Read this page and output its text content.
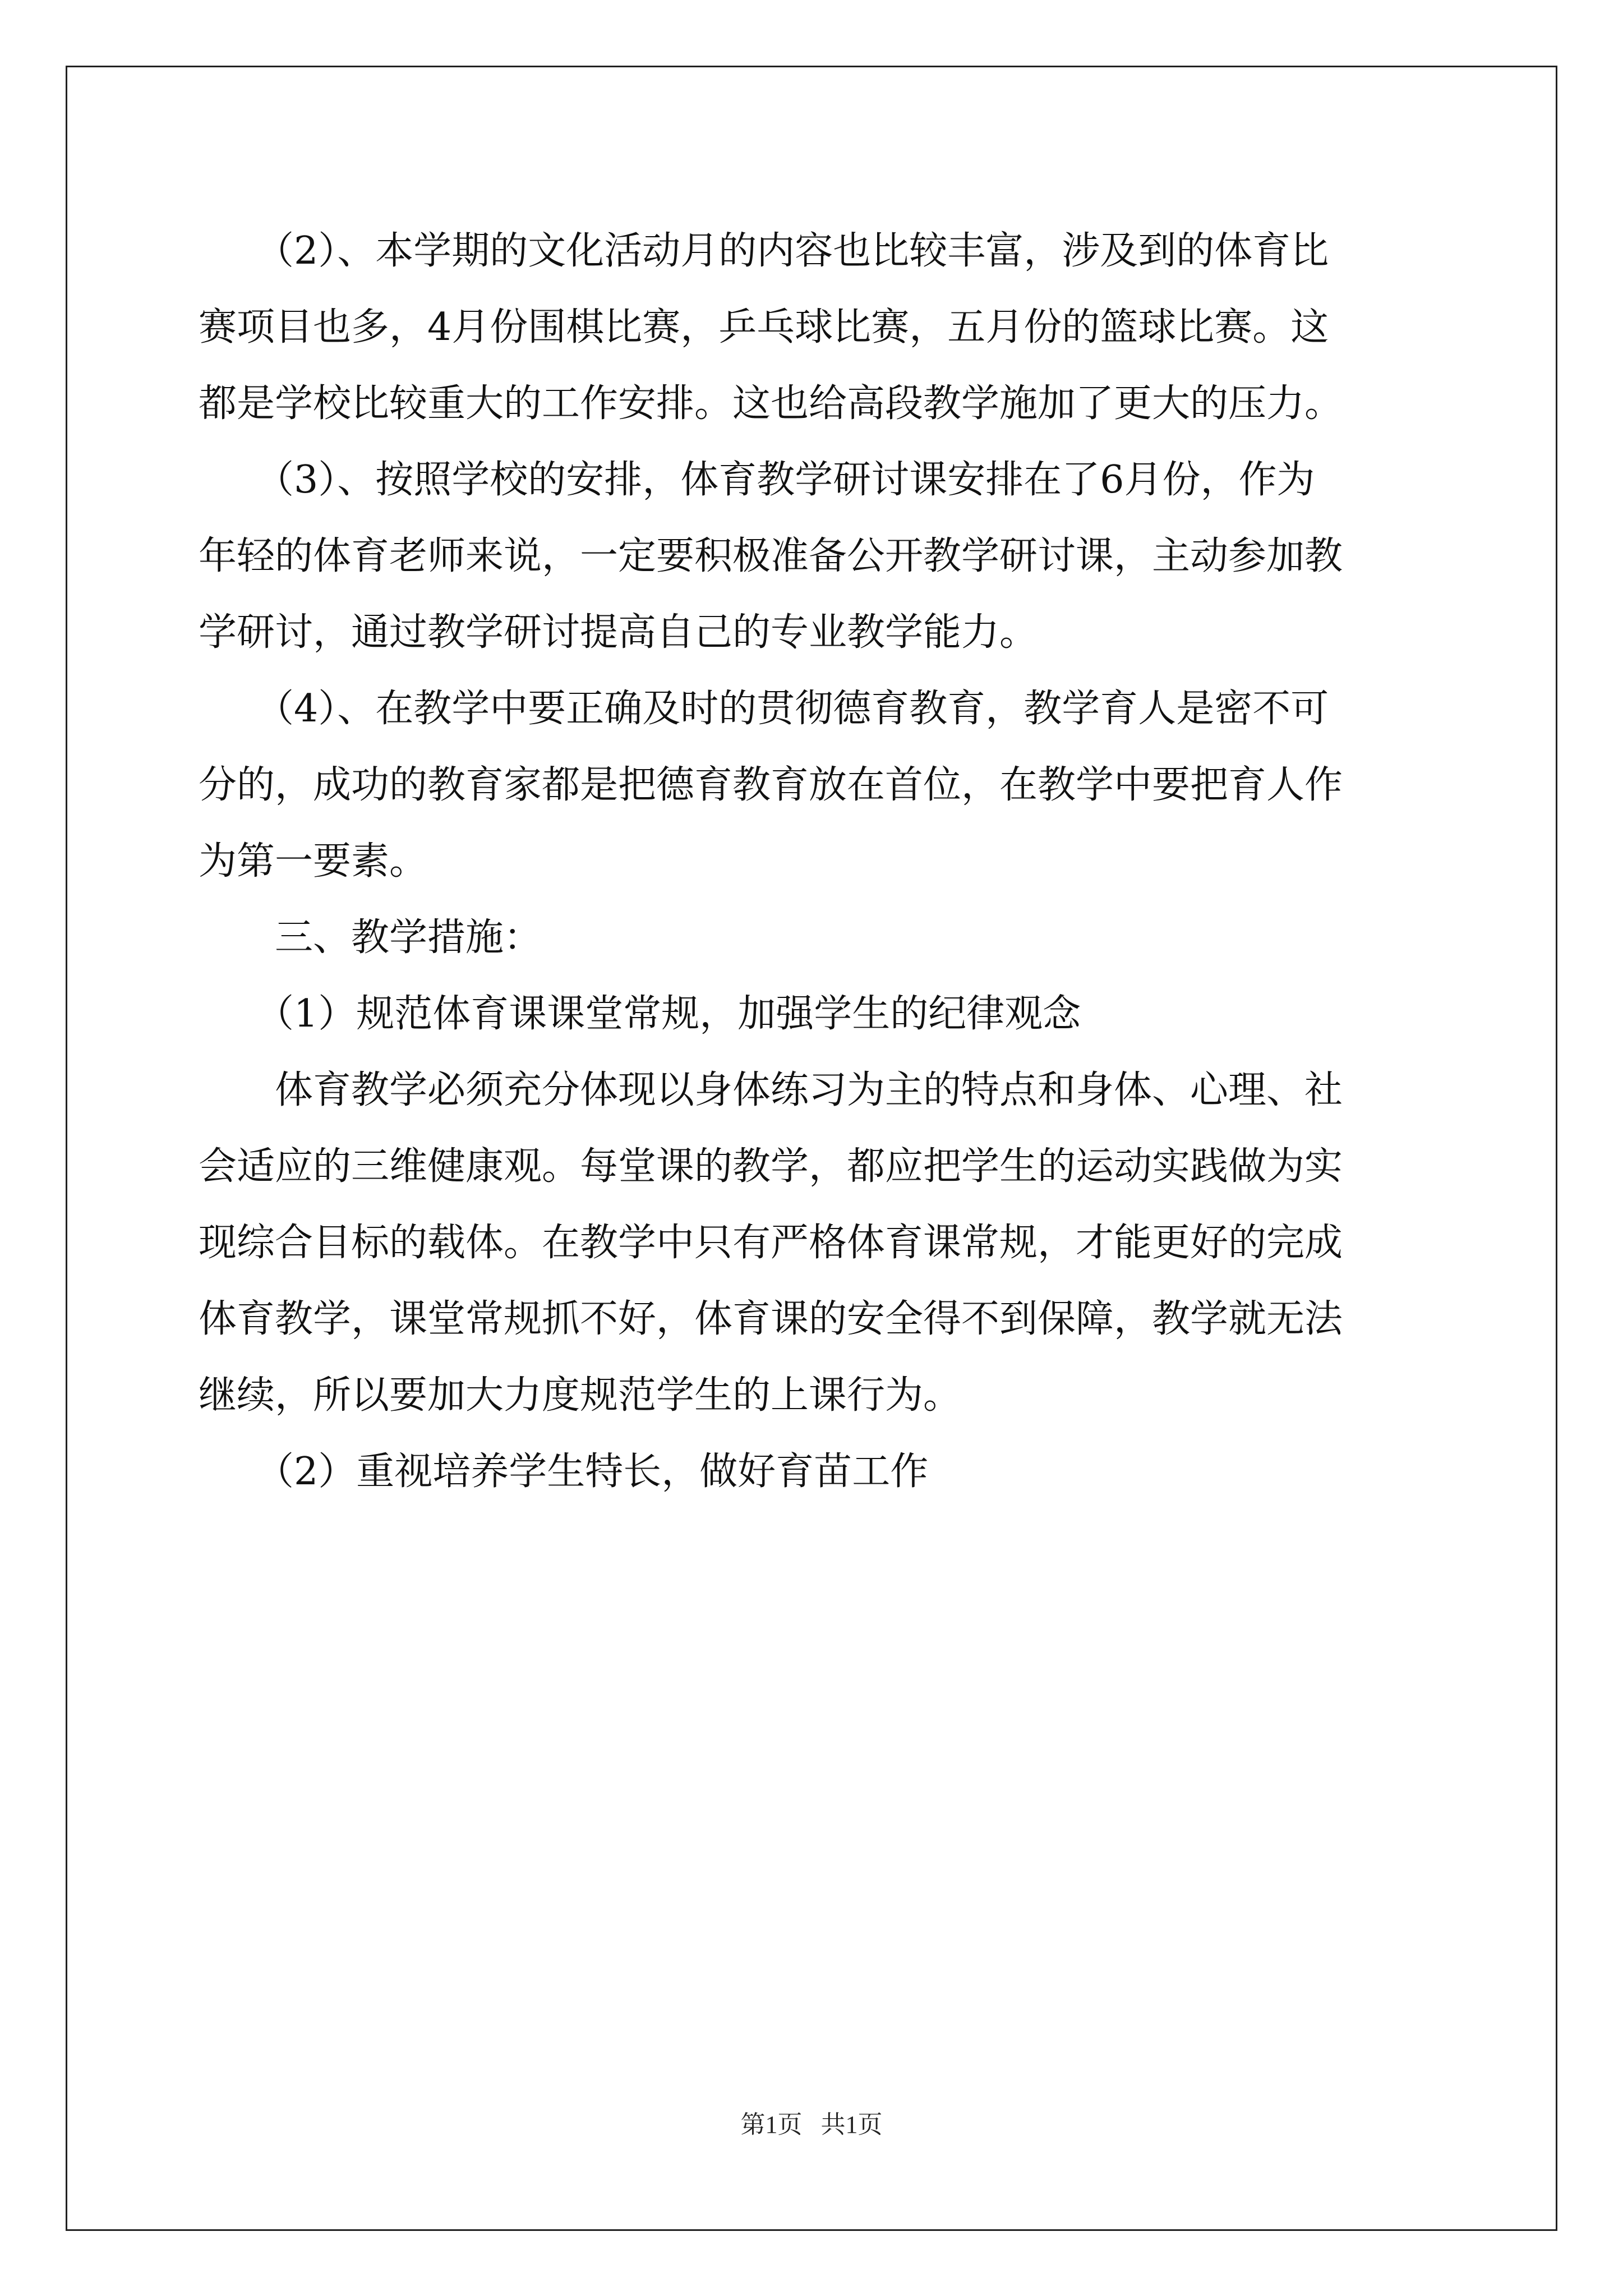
　　（2）、本学期的文化活动月的内容也比较丰富，涉及到的体育比
赛项目也多，4月份围棋比赛，乒乓球比赛，五月份的篮球比赛。这
都是学校比较重大的工作安排。这也给高段教学施加了更大的压力。
　　（3）、按照学校的安排，体育教学研讨课安排在了6月份，作为
年轻的体育老师来说，一定要积极准备公开教学研讨课，主动参加教
学研讨，通过教学研讨提高自己的专业教学能力。
　　（4）、在教学中要正确及时的贯彻德育教育，教学育人是密不可
分的，成功的教育家都是把德育教育放在首位，在教学中要把育人作
为第一要素。
　　三、教学措施：
　　（1）规范体育课课堂常规，加强学生的纪律观念
　　体育教学必须充分体现以身体练习为主的特点和身体、心理、社
会适应的三维健康观。每堂课的教学，都应把学生的运动实践做为实
现综合目标的载体。在教学中只有严格体育课常规，才能更好的完成
体育教学，课堂常规抓不好，体育课的安全得不到保障，教学就无法
继续，所以要加大力度规范学生的上课行为。
　　（2）重视培养学生特长，做好育苗工作
第1页   共1页
